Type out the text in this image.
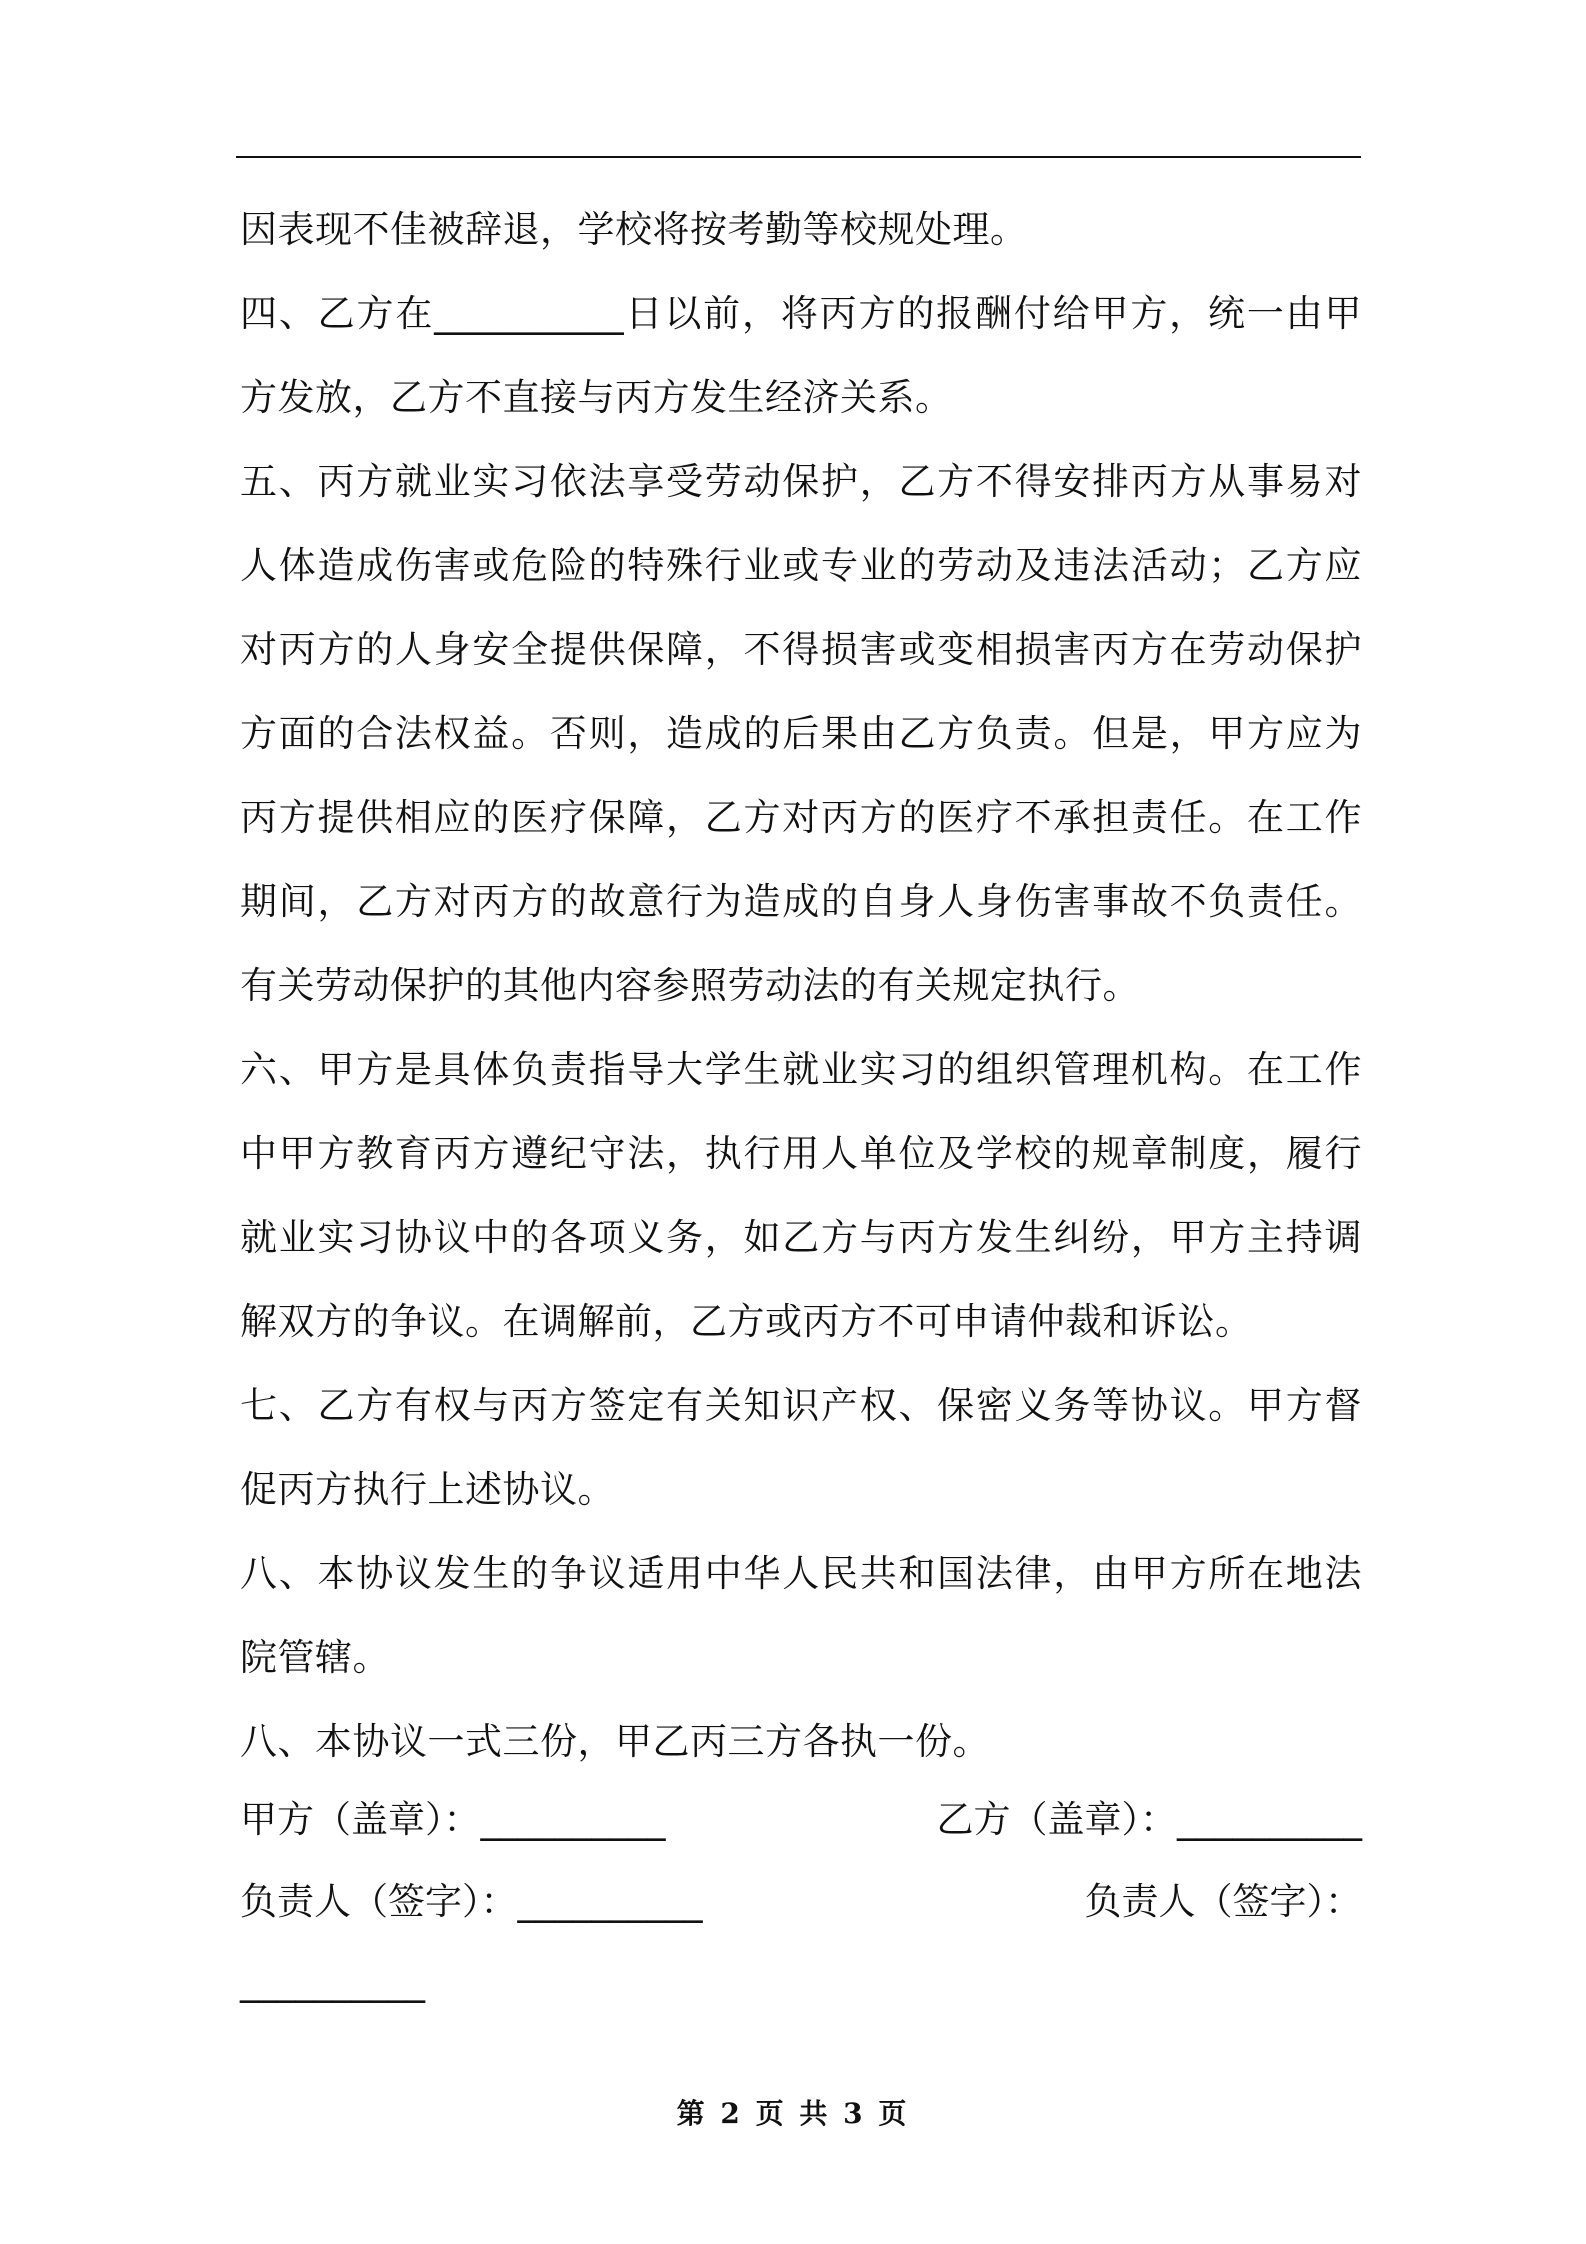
因表现不佳被辞退，学校将按考勤等校规处理。

四、乙方在__________日以前，将丙方的报酬付给甲方，统一由甲方发放，乙方不直接与丙方发生经济关系。

五、丙方就业实习依法享受劳动保护，乙方不得安排丙方从事易对人体造成伤害或危险的特殊行业或专业的劳动及违法活动；乙方应对丙方的人身安全提供保障，不得损害或变相损害丙方在劳动保护方面的合法权益。否则，造成的后果由乙方负责。但是，甲方应为丙方提供相应的医疗保障，乙方对丙方的医疗不承担责任。在工作期间，乙方对丙方的故意行为造成的自身人身伤害事故不负责任。有关劳动保护的其他内容参照劳动法的有关规定执行。

六、甲方是具体负责指导大学生就业实习的组织管理机构。在工作中甲方教育丙方遵纪守法，执行用人单位及学校的规章制度，履行就业实习协议中的各项义务，如乙方与丙方发生纠纷，甲方主持调解双方的争议。在调解前，乙方或丙方不可申请仲裁和诉讼。

七、乙方有权与丙方签定有关知识产权、保密义务等协议。甲方督促丙方执行上述协议。

八、本协议发生的争议适用中华人民共和国法律，由甲方所在地法院管辖。

八、本协议一式三份，甲乙丙三方各执一份。

甲方（盖章）：__________	乙方（盖章）：__________
负责人（签字）：__________	负责人（签字）：
__________
第 2 页 共 3 页
